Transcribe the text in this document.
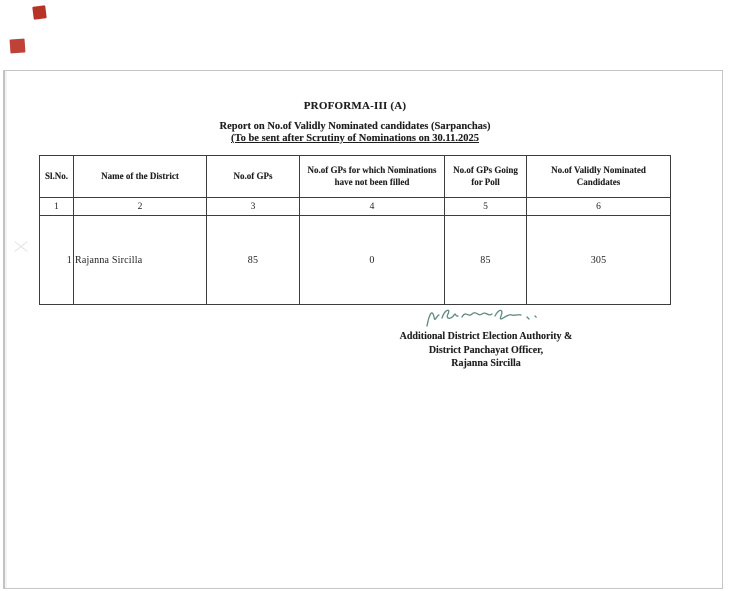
PROFORMA-III (A)
Report on No.of Validly Nominated candidates (Sarpanchas)
(To be sent after Scrutiny of Nominations on 30.11.2025
Sl.No.	Name of the District	No.of GPs	No.of GPs for which Nominations have not been filled	No.of GPs Going for Poll	No.of Validly Nominated Candidates
1	2	3	4	5	6
1	Rajanna Sircilla	85	0	85	305
Additional District Election Authority &
District Panchayat Officer,
Rajanna Sircilla
